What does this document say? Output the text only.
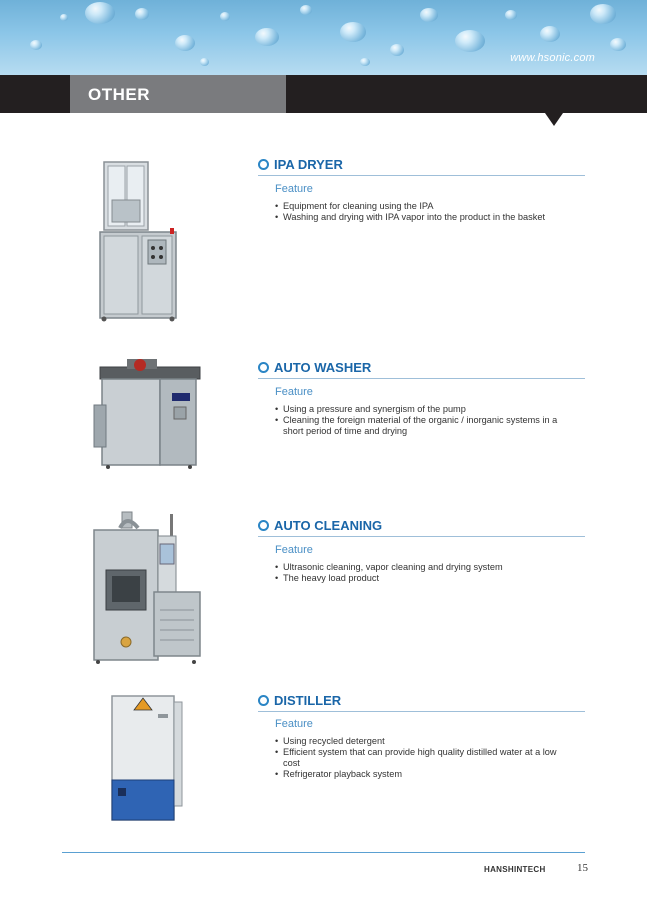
www.hsonic.com
OTHER
IPA DRYER
Feature
• Equipment for cleaning using the IPA
• Washing and drying with IPA vapor into the product in the basket
AUTO WASHER
Feature
• Using a pressure and synergism of the pump
• Cleaning the foreign material of the organic / inorganic systems in a short period of time and drying
AUTO CLEANING
Feature
• Ultrasonic cleaning, vapor cleaning and drying system
• The heavy load product
DISTILLER
Feature
• Using recycled detergent
• Efficient system that can provide high quality distilled water at a low cost
• Refrigerator playback system
HANSHINTECH	15
